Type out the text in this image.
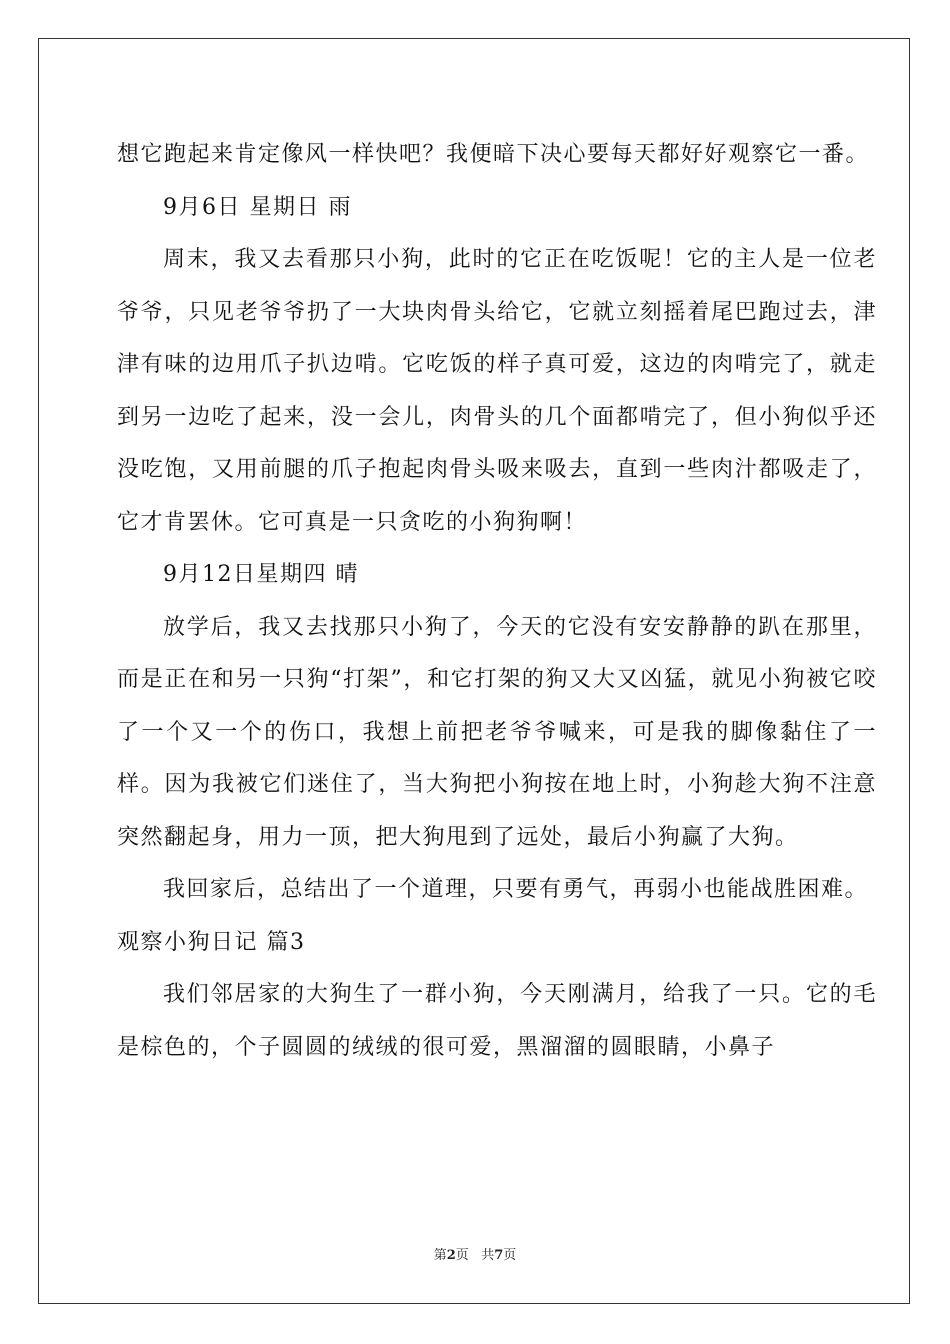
想它跑起来肯定像风一样快吧？我便暗下决心要每天都好好观察它一番。

9月6日 星期日 雨

周末，我又去看那只小狗，此时的它正在吃饭呢！它的主人是一位老爷爷，只见老爷爷扔了一大块肉骨头给它，它就立刻摇着尾巴跑过去，津津有味的边用爪子扒边啃。它吃饭的样子真可爱，这边的肉啃完了，就走到另一边吃了起来，没一会儿，肉骨头的几个面都啃完了，但小狗似乎还没吃饱，又用前腿的爪子抱起肉骨头吸来吸去，直到一些肉汁都吸走了，它才肯罢休。它可真是一只贪吃的小狗狗啊！

9月12日星期四 晴

放学后，我又去找那只小狗了，今天的它没有安安静静的趴在那里，而是正在和另一只狗“打架”，和它打架的狗又大又凶猛，就见小狗被它咬了一个又一个的伤口，我想上前把老爷爷喊来，可是我的脚像黏住了一样。因为我被它们迷住了，当大狗把小狗按在地上时，小狗趁大狗不注意突然翻起身，用力一顶，把大狗甩到了远处，最后小狗赢了大狗。

我回家后，总结出了一个道理，只要有勇气，再弱小也能战胜困难。

观察小狗日记 篇3

我们邻居家的大狗生了一群小狗，今天刚满月，给我了一只。它的毛是棕色的，个子圆圆的绒绒的很可爱，黑溜溜的圆眼睛，小鼻子

第2页 共7页
